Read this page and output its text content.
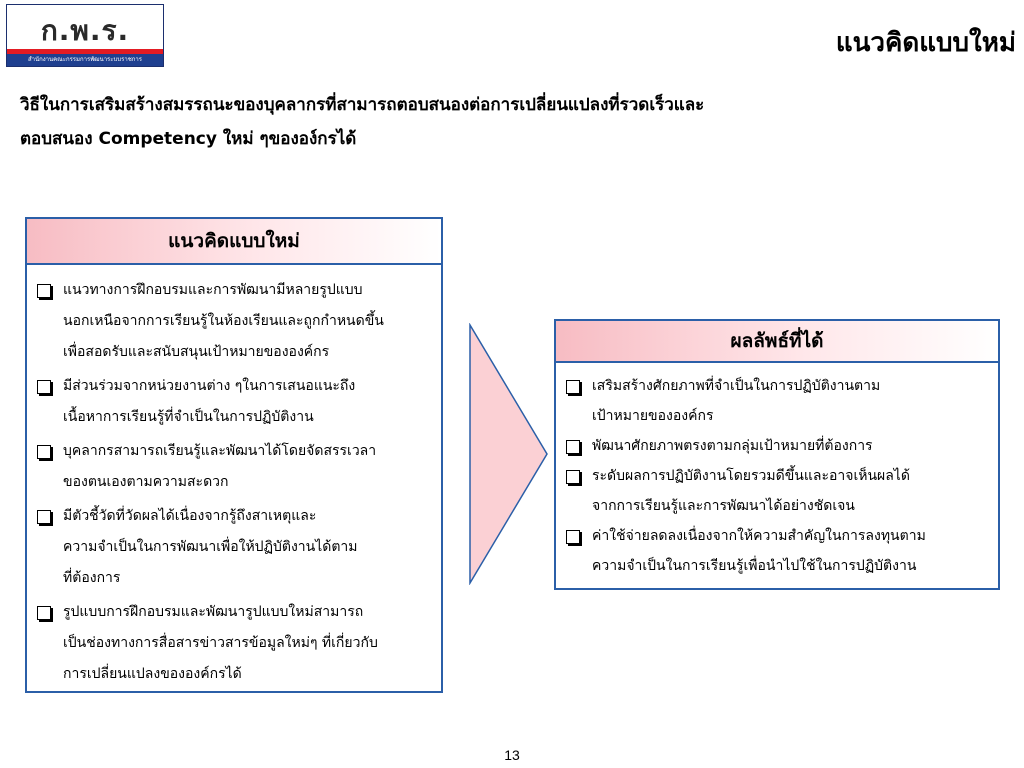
ก.พ.ร.
สำนักงานคณะกรรมการพัฒนาระบบราชการ
แนวคิดแบบใหม่
วิธีในการเสริมสร้างสมรรถนะของบุคลากรที่สามารถตอบสนองต่อการเปลี่ยนแปลงที่รวดเร็วและ
ตอบสนอง Competency ใหม่ ๆขององ์กรได้
แนวคิดแบบใหม่
แนวทางการฝึกอบรมและการพัฒนามีหลายรูปแบบ
นอกเหนือจากการเรียนรู้ในห้องเรียนและถูกกำหนดขึ้น
เพื่อสอดรับและสนับสนุนเป้าหมายขององค์กร
มีส่วนร่วมจากหน่วยงานต่าง ๆในการเสนอแนะถึง
เนื้อหาการเรียนรู้ที่จำเป็นในการปฏิบัติงาน
บุคลากรสามารถเรียนรู้และพัฒนาได้โดยจัดสรรเวลา
ของตนเองตามความสะดวก
มีตัวชี้วัดที่วัดผลได้เนื่องจากรู้ถึงสาเหตุและ
ความจำเป็นในการพัฒนาเพื่อให้ปฏิบัติงานได้ตาม
ที่ต้องการ
รูปแบบการฝึกอบรมและพัฒนารูปแบบใหม่สามารถ
เป็นช่องทางการสื่อสารข่าวสารข้อมูลใหม่ๆ ที่เกี่ยวกับ
การเปลี่ยนแปลงขององค์กรได้
ผลลัพธ์ที่ได้
เสริมสร้างศักยภาพที่จำเป็นในการปฏิบัติงานตาม
เป้าหมายขององค์กร
พัฒนาศักยภาพตรงตามกลุ่มเป้าหมายที่ต้องการ
ระดับผลการปฏิบัติงานโดยรวมดีขึ้นและอาจเห็นผลได้
จากการเรียนรู้และการพัฒนาได้อย่างชัดเจน
ค่าใช้จ่ายลดลงเนื่องจากให้ความสำคัญในการลงทุนตาม
ความจำเป็นในการเรียนรู้เพื่อนำไปใช้ในการปฏิบัติงาน
13
